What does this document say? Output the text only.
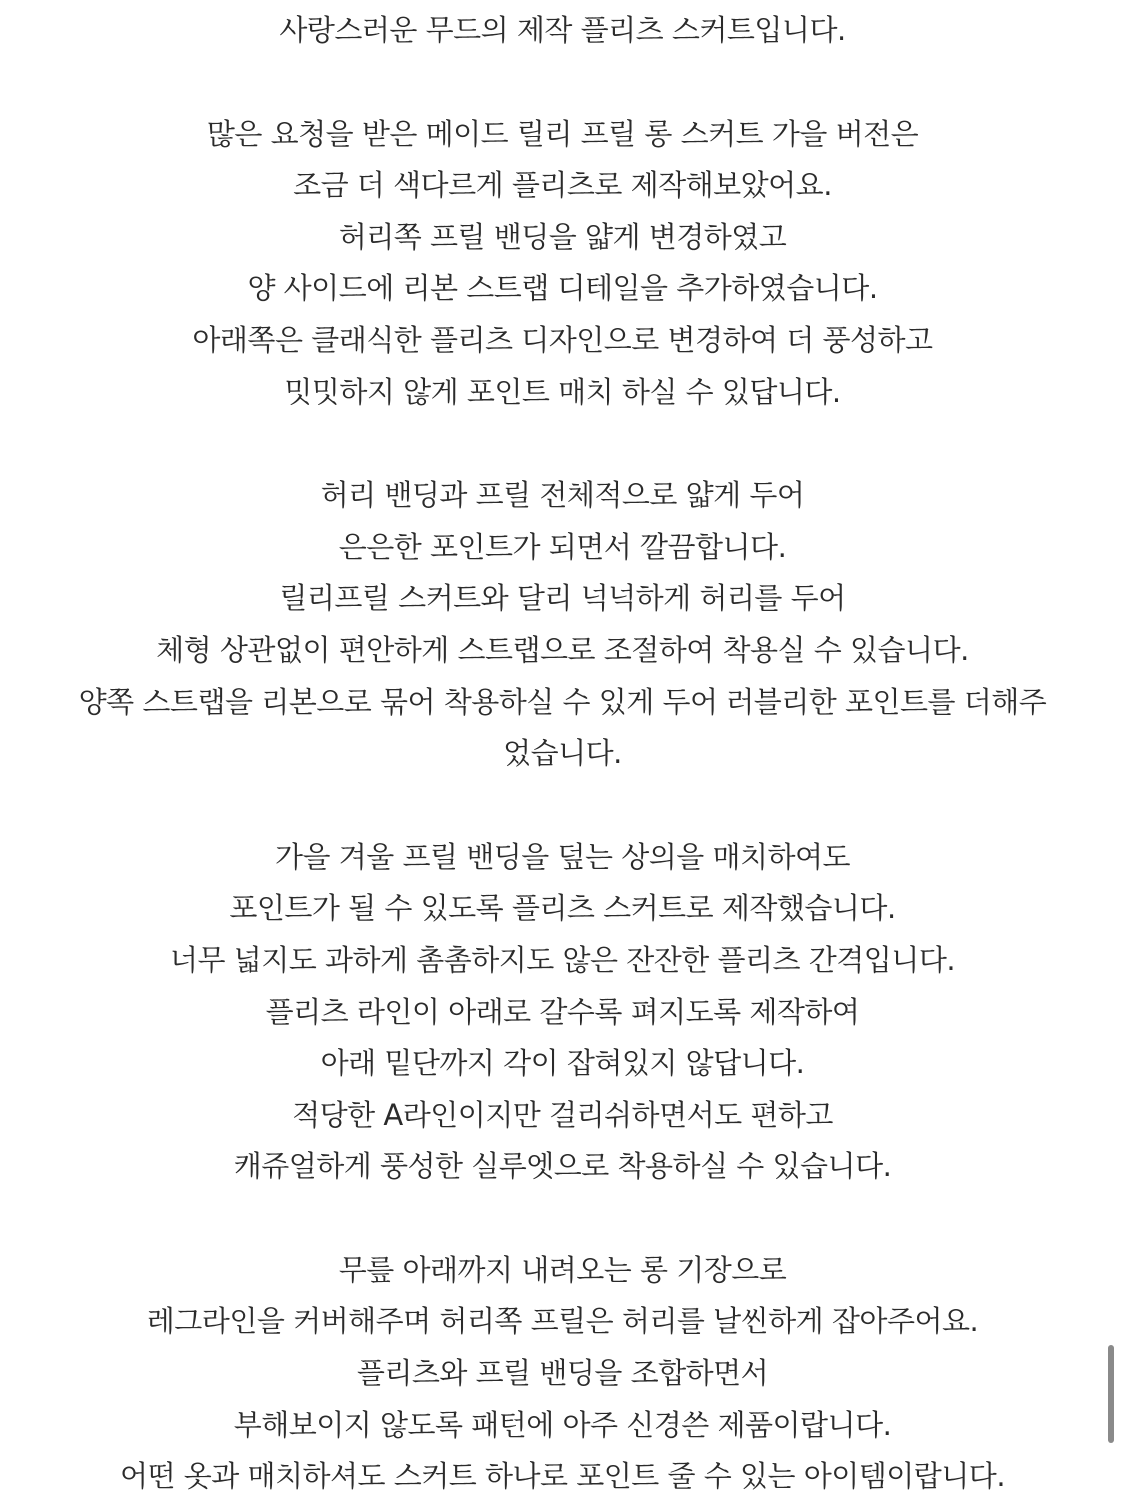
사랑스러운 무드의 제작 플리츠 스커트입니다.
많은 요청을 받은 메이드 릴리 프릴 롱 스커트 가을 버전은
조금 더 색다르게 플리츠로 제작해보았어요.
허리쪽 프릴 밴딩을 얇게 변경하였고
양 사이드에 리본 스트랩 디테일을 추가하였습니다.
아래쪽은 클래식한 플리츠 디자인으로 변경하여 더 풍성하고
밋밋하지 않게 포인트 매치 하실 수 있답니다.
허리 밴딩과 프릴 전체적으로 얇게 두어
은은한 포인트가 되면서 깔끔합니다.
릴리프릴 스커트와 달리 넉넉하게 허리를 두어
체형 상관없이 편안하게 스트랩으로 조절하여 착용실 수 있습니다.
양쪽 스트랩을 리본으로 묶어 착용하실 수 있게 두어 러블리한 포인트를 더해주
었습니다.
가을 겨울 프릴 밴딩을 덮는 상의을 매치하여도
포인트가 될 수 있도록 플리츠 스커트로 제작했습니다.
너무 넓지도 과하게 촘촘하지도 않은 잔잔한 플리츠 간격입니다.
플리츠 라인이 아래로 갈수록 펴지도록 제작하여
아래 밑단까지 각이 잡혀있지 않답니다.
적당한 A라인이지만 걸리쉬하면서도 편하고
캐쥬얼하게 풍성한 실루엣으로 착용하실 수 있습니다.
무릎 아래까지 내려오는 롱 기장으로
레그라인을 커버해주며 허리쪽 프릴은 허리를 날씬하게 잡아주어요.
플리츠와 프릴 밴딩을 조합하면서
부해보이지 않도록 패턴에 아주 신경쓴 제품이랍니다.
어떤 옷과 매치하셔도 스커트 하나로 포인트 줄 수 있는 아이템이랍니다.
